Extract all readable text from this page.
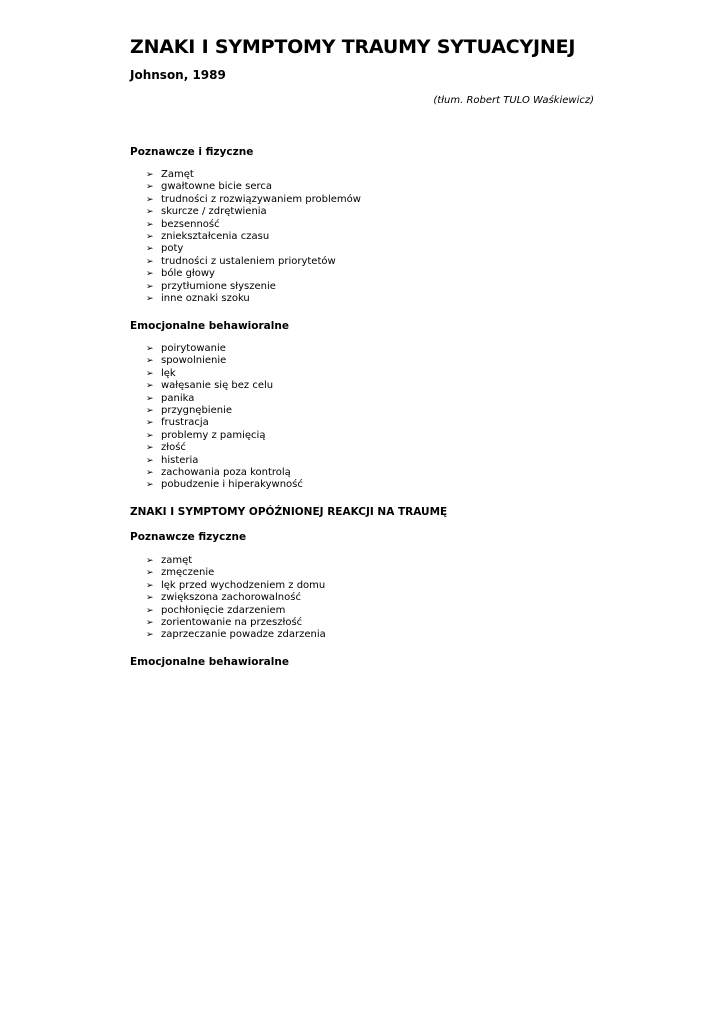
ZNAKI I SYMPTOMY TRAUMY SYTUACYJNEJ
Johnson, 1989
(tłum. Robert TULO Waśkiewicz)
Poznawcze i fizyczne
➢ Zamęt
➢ gwałtowne bicie serca
➢ trudności z rozwiązywaniem problemów
➢ skurcze / zdrętwienia
➢ bezsenność
➢ zniekształcenia czasu
➢ poty
➢ trudności z ustaleniem priorytetów
➢ bóle głowy
➢ przytłumione słyszenie
➢ inne oznaki szoku
Emocjonalne behawioralne
➢ poirytowanie
➢ spowolnienie
➢ lęk
➢ wałęsanie się bez celu
➢ panika
➢ przygnębienie
➢ frustracja
➢ problemy z pamięcią
➢ złość
➢ histeria
➢ zachowania poza kontrolą
➢ pobudzenie i hiperakywność
ZNAKI I SYMPTOMY OPÓŹNIONEJ REAKCJI NA TRAUMĘ
Poznawcze fizyczne
➢ zamęt
➢ zmęczenie
➢ lęk przed wychodzeniem z domu
➢ zwiększona zachorowalność
➢ pochłonięcie zdarzeniem
➢ zorientowanie na przeszłość
➢ zaprzeczanie powadze zdarzenia
Emocjonalne behawioralne
